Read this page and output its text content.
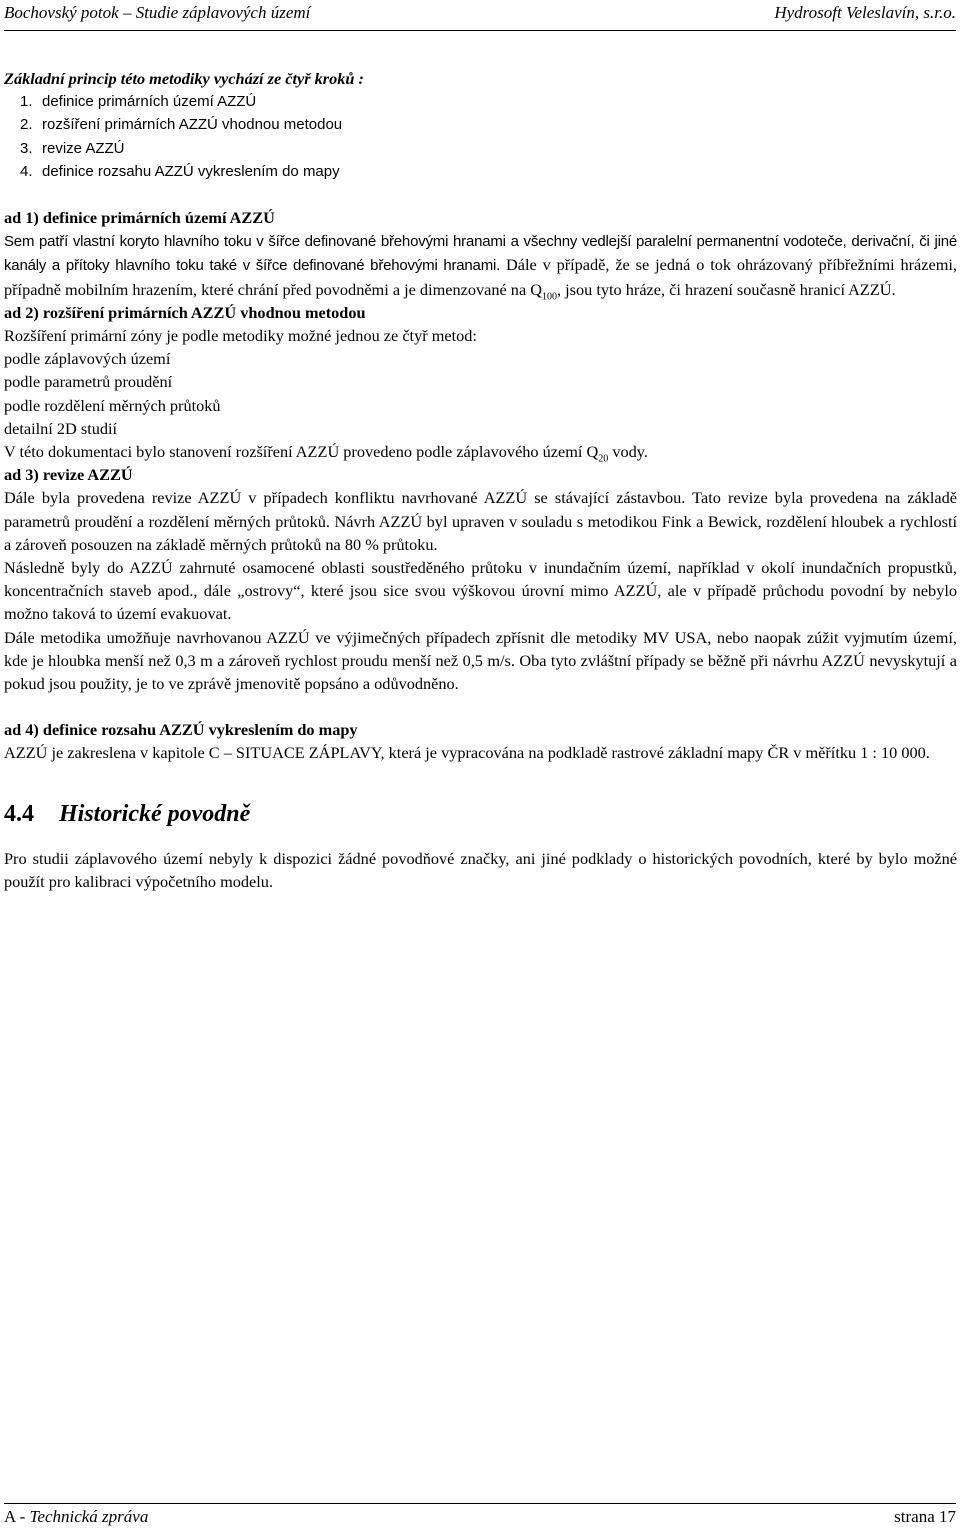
Bochovský potok – Studie záplavových území	Hydrosoft Veleslavín, s.r.o.

Základní princip této metodiky vychází ze čtyř kroků :

1. definice primárních území AZZÚ
2. rozšíření primárních AZZÚ vhodnou metodou
3. revize AZZÚ
4. definice rozsahu AZZÚ vykreslením do mapy

ad 1) definice primárních území AZZÚ

Sem patří vlastní koryto hlavního toku v šířce definované břehovými hranami a všechny vedlejší paralelní permanentní vodoteče, derivační, či jiné kanály a přítoky hlavního toku také v šířce definované břehovými hranami. Dále v případě, že se jedná o tok ohrázovaný příbřežními hrázemi, případně mobilním hrazením, které chrání před povodněmi a je dimenzované na $Q_{100}$, jsou tyto hráze, či hrazení současně hranicí AZZÚ.

ad 2) rozšíření primárních AZZÚ vhodnou metodou

Rozšíření primární zóny je podle metodiky možné jednou ze čtyř metod:

podle záplavových území

podle parametrů proudění

podle rozdělení měrných průtoků

detailní 2D studií

V této dokumentaci bylo stanovení rozšíření AZZÚ provedeno podle záplavového území $Q_{20}$ vody.

ad 3) revize AZZÚ

Dále byla provedena revize AZZÚ v případech konfliktu navrhované AZZÚ se stávající zástavbou. Tato revize byla provedena na základě parametrů proudění a rozdělení měrných průtoků. Návrh AZZÚ byl upraven v souladu s metodikou Fink a Bewick, rozdělení hloubek a rychlostí a zároveň posouzen na základě měrných průtoků na 80 % průtoku.

Následně byly do AZZÚ zahrnuté osamocené oblasti soustředěného průtoku v inundačním území, například v okolí inundačních propustků, koncentračních staveb apod., dále „ostrovy“, které jsou sice svou výškovou úrovní mimo AZZÚ, ale v případě průchodu povodní by nebylo možno taková to území evakuovat.

Dále metodika umožňuje navrhovanou AZZÚ ve výjimečných případech zpřísnit dle metodiky MV USA, nebo naopak zúžit vyjmutím území, kde je hloubka menší než 0,3 m a zároveň rychlost proudu menší než 0,5 m/s. Oba tyto zvláštní případy se běžně při návrhu AZZÚ nevyskytují a pokud jsou použity, je to ve zprávě jmenovitě popsáno a odůvodněno.

ad 4) definice rozsahu AZZÚ vykreslením do mapy

AZZÚ je zakreslena v kapitole C – SITUACE ZÁPLAVY, která je vypracována na podkladě rastrové základní mapy ČR v měřítku 1 : 10 000.

4.4 Historické povodně

Pro studii záplavového území nebyly k dispozici žádné povodňové značky, ani jiné podklady o historických povodních, které by bylo možné použít pro kalibraci výpočetního modelu.

A - Technická zpráva	strana 17
